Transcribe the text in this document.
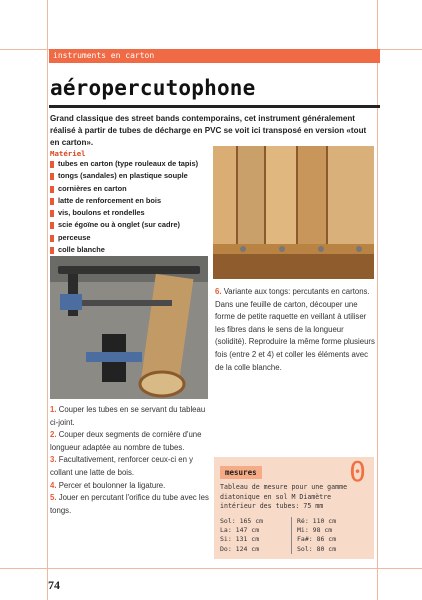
instruments en carton
aéropercutophone

Grand classique des street bands contemporains, cet instrument généralement réalisé à partir de tubes de décharge en PVC se voit ici transposé en version «tout en carton».

Matériel
tubes en carton (type rouleaux de tapis)
tongs (sandales) en plastique souple
cornières en carton
latte de renforcement en bois
vis, boulons et rondelles
scie égoïne ou à onglet (sur cadre)
perceuse
colle blanche
6. Variante aux tongs: percutants en cartons. Dans une feuille de carton, découper une forme de petite raquette en veillant à utiliser les fibres dans le sens de la longueur (solidité). Reproduire la même forme plusieurs fois (entre 2 et 4) et coller les éléments avec de la colle blanche.

1. Couper les tubes en se servant du tableau ci-joint.

2. Couper deux segments de cornière d'une longueur adaptée au nombre de tubes.

3. Facultativement, renforcer ceux-ci en y collant une latte de bois.

4. Percer et boulonner la ligature.

5. Jouer en percutant l'orifice du tube avec les tongs.

0
mesures
Tableau de mesure pour une gamme diatonique en sol M Diamètre intérieur des tubes: 75 mm
Sol: 165 cm
La: 147 cm
Si: 131 cm
Do: 124 cm
Ré: 110 cm
Mi: 98 cm
Fa#: 86 cm
Sol: 80 cm
74
